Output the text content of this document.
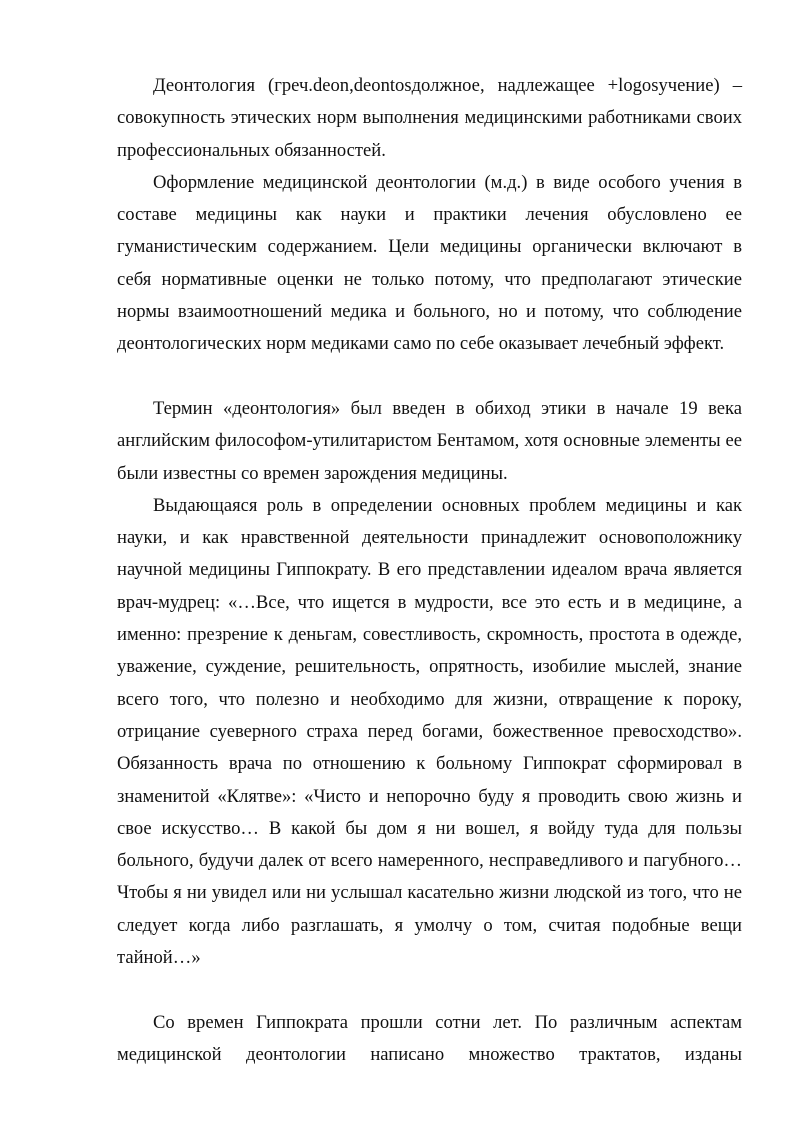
Деонтология (греч.deon,deontosдолжное, надлежащее +logosучение) – совокупность этических норм выполнения медицинскими работниками своих профессиональных обязанностей.

Оформление медицинской деонтологии (м.д.) в виде особого учения в составе медицины как науки и практики лечения обусловлено ее гуманистическим содержанием. Цели медицины органически включают в себя нормативные оценки не только потому, что предполагают этические нормы взаимоотношений медика и больного, но и потому, что соблюдение деонтологических норм медиками само по себе оказывает лечебный эффект.

Термин «деонтология» был введен в обиход этики в начале 19 века английским философом-утилитаристом Бентамом, хотя основные элементы ее были известны со времен зарождения медицины.

Выдающаяся роль в определении основных проблем медицины и как науки, и как нравственной деятельности принадлежит основоположнику научной медицины Гиппократу. В его представлении идеалом врача является врач-мудрец: «…Все, что ищется в мудрости, все это есть и в медицине, а именно: презрение к деньгам, совестливость, скромность, простота в одежде, уважение, суждение, решительность, опрятность, изобилие мыслей, знание всего того, что полезно и необходимо для жизни, отвращение к пороку, отрицание суеверного страха перед богами, божественное превосходство». Обязанность врача по отношению к больному Гиппократ сформировал в знаменитой «Клятве»: «Чисто и непорочно буду я проводить свою жизнь и свое искусство… В какой бы дом я ни вошел, я войду туда для пользы больного, будучи далек от всего намеренного, несправедливого и пагубного… Чтобы я ни увидел или ни услышал касательно жизни людской из того, что не следует когда либо разглашать, я умолчу о том, считая подобные вещи тайной…»

Со времен Гиппократа прошли сотни лет. По различным аспектам медицинской деонтологии написано множество трактатов, изданы
